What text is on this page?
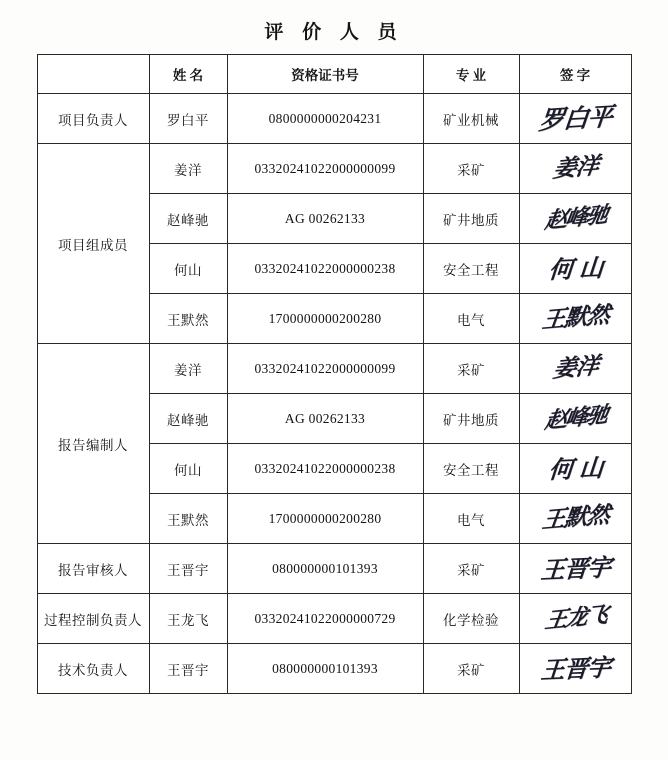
评 价 人 员
	姓 名	资格证书号	专 业	签 字
项目负责人	罗白平	0800000000204231	矿业机械	罗白平

项目组成员	姜洋	03320241022000000099	采矿	姜洋

	赵峰驰	AG 00262133	矿井地质	赵峰驰

	何山	03320241022000000238	安全工程	何 山

	王默然	1700000000200280	电气	王默然

报告编制人	姜洋	03320241022000000099	采矿	姜洋

	赵峰驰	AG 00262133	矿井地质	赵峰驰

	何山	03320241022000000238	安全工程	何 山

	王默然	1700000000200280	电气	王默然

报告审核人	王晋宇	080000000101393	采矿	王晋宇

过程控制负责人	王龙飞	03320241022000000729	化学检验	王龙飞

技术负责人	王晋宇	080000000101393	采矿	王晋宇
